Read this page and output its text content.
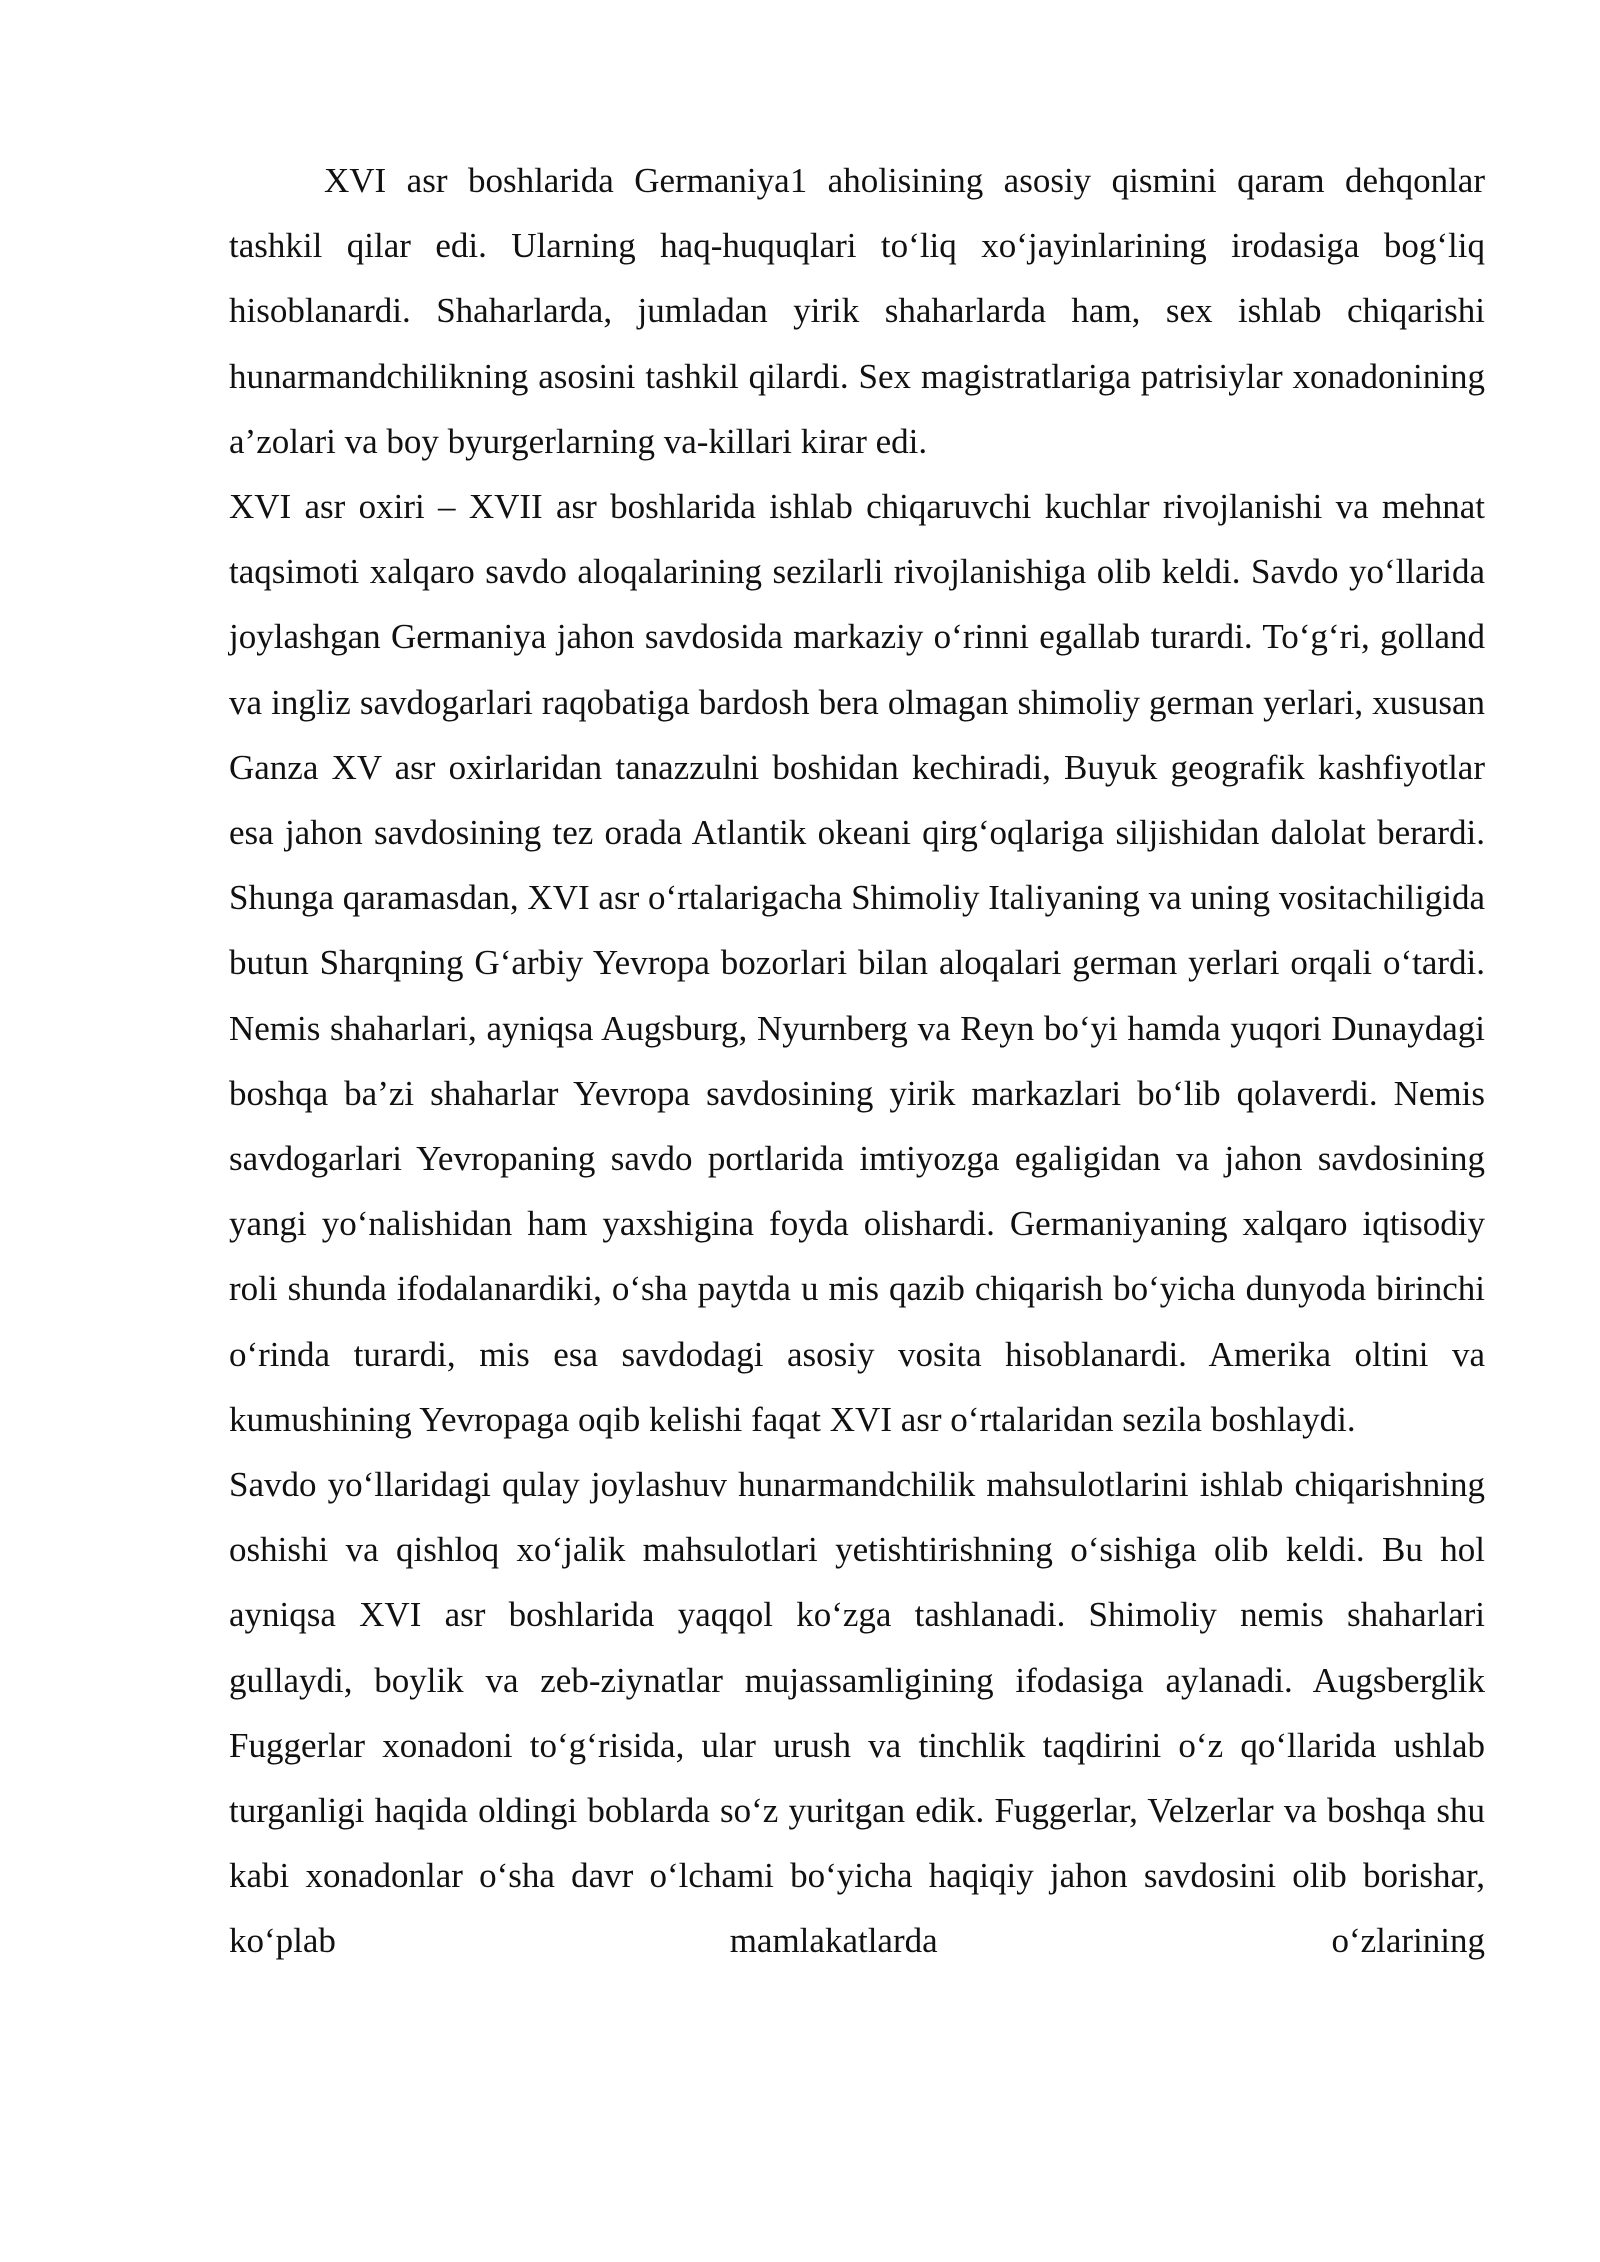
XVI asr boshlarida Germaniya1 aholisining asosiy qismini qaram dehqonlar tashkil qilar edi. Ularning haq-huquqlari to‘liq xo‘jayinlarining irodasiga bog‘liq hisoblanardi. Shaharlarda, jumladan yirik shaharlarda ham, sex ishlab chiqarishi hunarmandchilikning asosini tashkil qilardi. Sex magistratlariga patrisiylar xonadonining a’zolari va boy byurgerlarning va-killari kirar edi.

XVI asr oxiri – XVII asr boshlarida ishlab chiqaruvchi kuchlar rivojlanishi va mehnat taqsimoti xalqaro savdo aloqalarining sezilarli rivojlanishiga olib keldi. Savdo yo‘llarida joylashgan Germaniya jahon savdosida markaziy o‘rinni egallab turardi. To‘g‘ri, golland va ingliz savdogarlari raqobatiga bardosh bera olmagan shimoliy german yerlari, xususan Ganza XV asr oxirlaridan tanazzulni boshidan kechiradi, Buyuk geografik kashfiyotlar esa jahon savdosining tez orada Atlantik okeani qirg‘oqlariga siljishidan dalolat berardi. Shunga qaramasdan, XVI asr o‘rtalarigacha Shimoliy Italiyaning va uning vositachiligida butun Sharqning G‘arbiy Yevropa bozorlari bilan aloqalari german yerlari orqali o‘tardi. Nemis shaharlari, ayniqsa Augsburg, Nyurnberg va Reyn bo‘yi hamda yuqori Dunaydagi boshqa ba’zi shaharlar Yevropa savdosining yirik markazlari bo‘lib qolaverdi. Nemis savdogarlari Yevropaning savdo portlarida imtiyozga egaligidan va jahon savdosining yangi yo‘nalishidan ham yaxshigina foyda olishardi. Germaniyaning xalqaro iqtisodiy roli shunda ifodalanardiki, o‘sha paytda u mis qazib chiqarish bo‘yicha dunyoda birinchi o‘rinda turardi, mis esa savdodagi asosiy vosita hisoblanardi. Amerika oltini va kumushining Yevropaga oqib kelishi faqat XVI asr o‘rtalaridan sezila boshlaydi.

Savdo yo‘llaridagi qulay joylashuv hunarmandchilik mahsulotlarini ishlab chiqarishning oshishi va qishloq xo‘jalik mahsulotlari yetishtirishning o‘sishiga olib keldi. Bu hol ayniqsa XVI asr boshlarida yaqqol ko‘zga tashlanadi. Shimoliy nemis shaharlari gullaydi, boylik va zeb-ziynatlar mujassamligining ifodasiga aylanadi. Augsberglik Fuggerlar xonadoni to‘g‘risida, ular urush va tinchlik taqdirini o‘z qo‘llarida ushlab turganligi haqida oldingi boblarda so‘z yuritgan edik. Fuggerlar, Velzerlar va boshqa shu kabi xonadonlar o‘sha davr o‘lchami bo‘yicha haqiqiy jahon savdosini olib borishar, ko‘plab mamlakatlarda o‘zlarining
